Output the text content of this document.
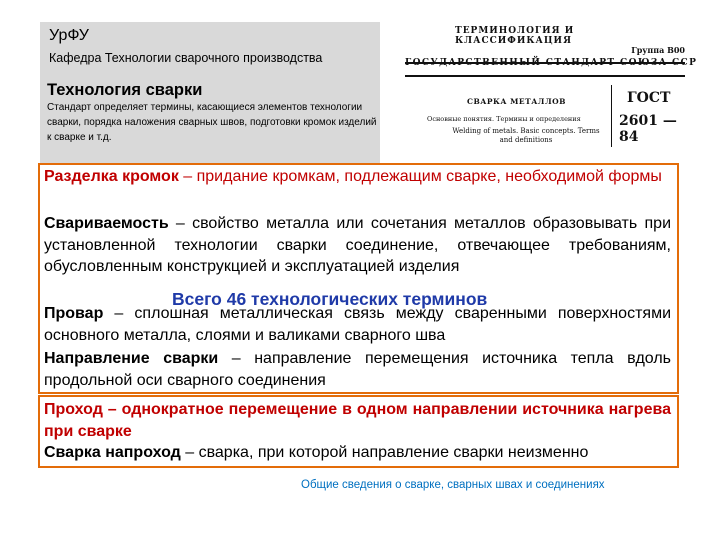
УрФУ
Кафедра Технологии сварочного производства
Технология сварки
Стандарт определяет термины, касающиеся элементов технологии сварки, порядка наложения сварных швов, подготовки кромок изделий к сварке и т.д.
ТЕРМИНОЛОГИЯ И КЛАССИФИКАЦИЯ
Группа В00
ГОСУДАРСТВЕННЫЙ СТАНДАРТ СОЮЗА ССР
СВАРКА МЕТАЛЛОВ
Основные понятия. Термины и определения
Welding of metals. Basic concepts. Terms and definitions
ГОСТ
2601 — 84
Разделка кромок – придание кромкам, подлежащим сварке, необходимой формы
Свариваемость – свойство металла или сочетания металлов образовывать при установленной технологии сварки соединение, отвечающее требованиям, обусловленным конструкцией и эксплуатацией изделия
Провар – сплошная металлическая связь между сваренными поверхностями основного металла, слоями и валиками сварного шва
Направление сварки – направление перемещения источника тепла вдоль продольной оси сварного соединения
Проход – однократное перемещение в одном направлении источника нагрева при сварке
Сварка напроход – сварка, при которой направление сварки неизменно
Всего 46 технологических терминов
Общие сведения о сварке, сварных швах и соединениях
